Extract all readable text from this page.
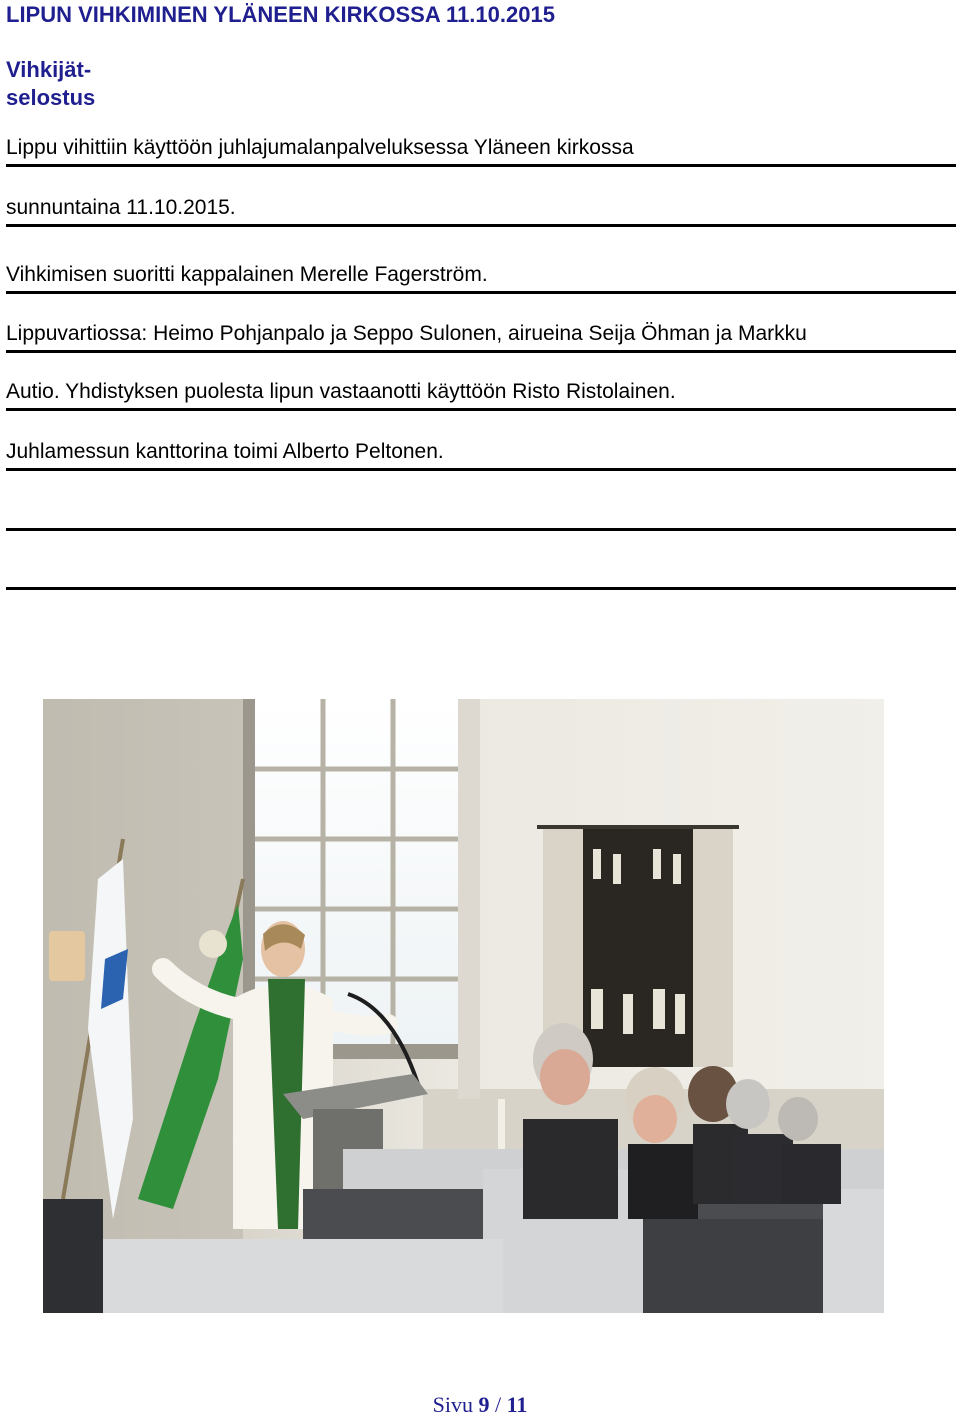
LIPUN VIHKIMINEN YLÄNEEN KIRKOSSA 11.10.2015
Vihkijät-selostus
Lippu vihittiin käyttöön juhlajumalanpalveluksessa Yläneen kirkossa
sunnuntaina 11.10.2015.
Vihkimisen suoritti kappalainen Merelle Fagerström.
Lippuvartiossa: Heimo Pohjanpalo ja Seppo Sulonen, airueina Seija Öhman ja Markku
Autio. Yhdistyksen puolesta lipun vastaanotti käyttöön Risto Ristolainen.
Juhlamessun kanttorina toimi Alberto Peltonen.
Sivu 9 / 11
